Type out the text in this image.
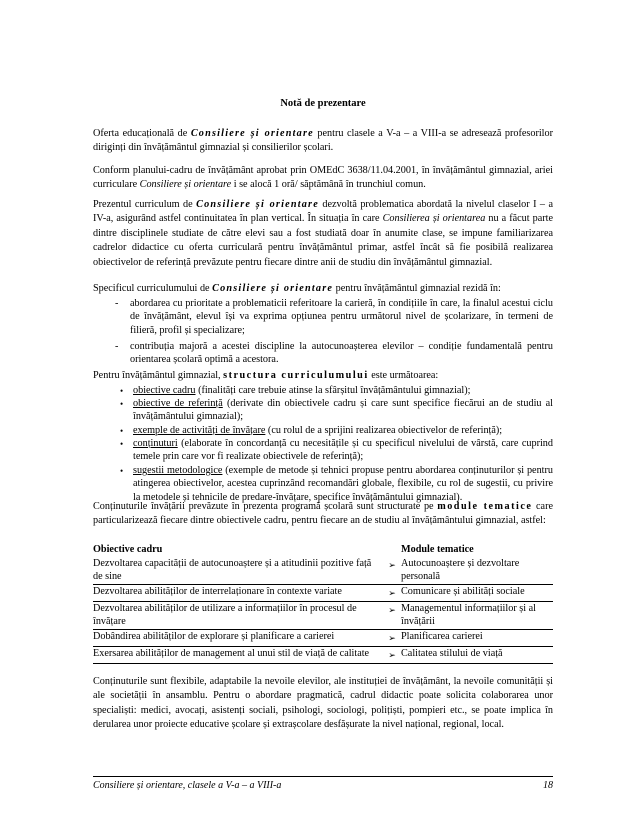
Notă de prezentare

Oferta educațională de Consiliere și orientare pentru clasele a V-a – a VIII-a se adresează profesorilor diriginți din învățământul gimnazial și consilierilor școlari.

Conform planului-cadru de învățământ aprobat prin OMEdC 3638/11.04.2001, în învățământul gimnazial, ariei curriculare Consiliere și orientare i se alocă 1 oră/ săptămână în trunchiul comun.

Prezentul curriculum de Consiliere și orientare dezvoltă problematica abordată la nivelul claselor I – a IV-a, asigurând astfel continuitatea în plan vertical. În situația în care Consilierea și orientarea nu a făcut parte dintre disciplinele studiate de către elevi sau a fost studiată doar în anumite clase, se impune familiarizarea cadrelor didactice cu oferta curriculară pentru învățământul primar, astfel încât să fie posibilă realizarea obiectivelor de referință prevăzute pentru fiecare dintre anii de studiu din învățământul gimnazial.

Specificul curriculumului de Consiliere și orientare pentru învățământul gimnazial rezidă în:

- abordarea cu prioritate a problematicii referitoare la carieră, în condițiile în care, la finalul acestui ciclu de învățământ, elevul își va exprima opțiunea pentru următorul nivel de școlarizare, în termeni de filieră, profil și specializare;
- contribuția majoră a acestei discipline la autocunoașterea elevilor – condiție fundamentală pentru orientarea școlară optimă a acestora.

Pentru învățământul gimnazial, structura curriculumului este următoarea:

• obiective cadru (finalități care trebuie atinse la sfârșitul învățământului gimnazial);
• obiective de referință (derivate din obiectivele cadru și care sunt specifice fiecărui an de studiu al învățământului gimnazial);
• exemple de activități de învățare (cu rolul de a sprijini realizarea obiectivelor de referință);
• conținuturi (elaborate în concordanță cu necesitățile și cu specificul nivelului de vârstă, care cuprind temele prin care vor fi realizate obiectivele de referință);
• sugestii metodologice (exemple de metode și tehnici propuse pentru abordarea conținuturilor și pentru atingerea obiectivelor, acestea cuprinzând recomandări globale, flexibile, cu rol de sugestii, cu privire la metodele și tehnicile de predare-învățare, specifice învățământului gimnazial).

Conținuturile învățării prevăzute în prezenta programă școlară sunt structurate pe module tematice care particularizează fiecare dintre obiectivele cadru, pentru fiecare an de studiu al învățământului gimnazial, astfel:

Obiective cadru		Module tematice
Dezvoltarea capacității de autocunoaștere și a atitudinii pozitive față de sine	➢	Autocunoaștere și dezvoltare personală
Dezvoltarea abilităților de interrelaționare în contexte variate	➢	Comunicare și abilități sociale
Dezvoltarea abilităților de utilizare a informațiilor în procesul de învățare	➢	Managementul informațiilor și al învățării
Dobândirea abilităților de explorare și planificare a carierei	➢	Planificarea carierei
Exersarea abilităților de management al unui stil de viață de calitate	➢	Calitatea stilului de viață

Conținuturile sunt flexibile, adaptabile la nevoile elevilor, ale instituției de învățământ, la nevoile comunității și ale societății în ansamblu. Pentru o abordare pragmatică, cadrul didactic poate solicita colaborarea unor specialiști: medici, avocați, asistenți sociali, psihologi, sociologi, polițiști, pompieri etc., se poate implica în derularea unor proiecte educative școlare și extrașcolare desfășurate la nivel național, regional, local.

Consiliere și orientare, clasele a V-a – a VIII-a	18
